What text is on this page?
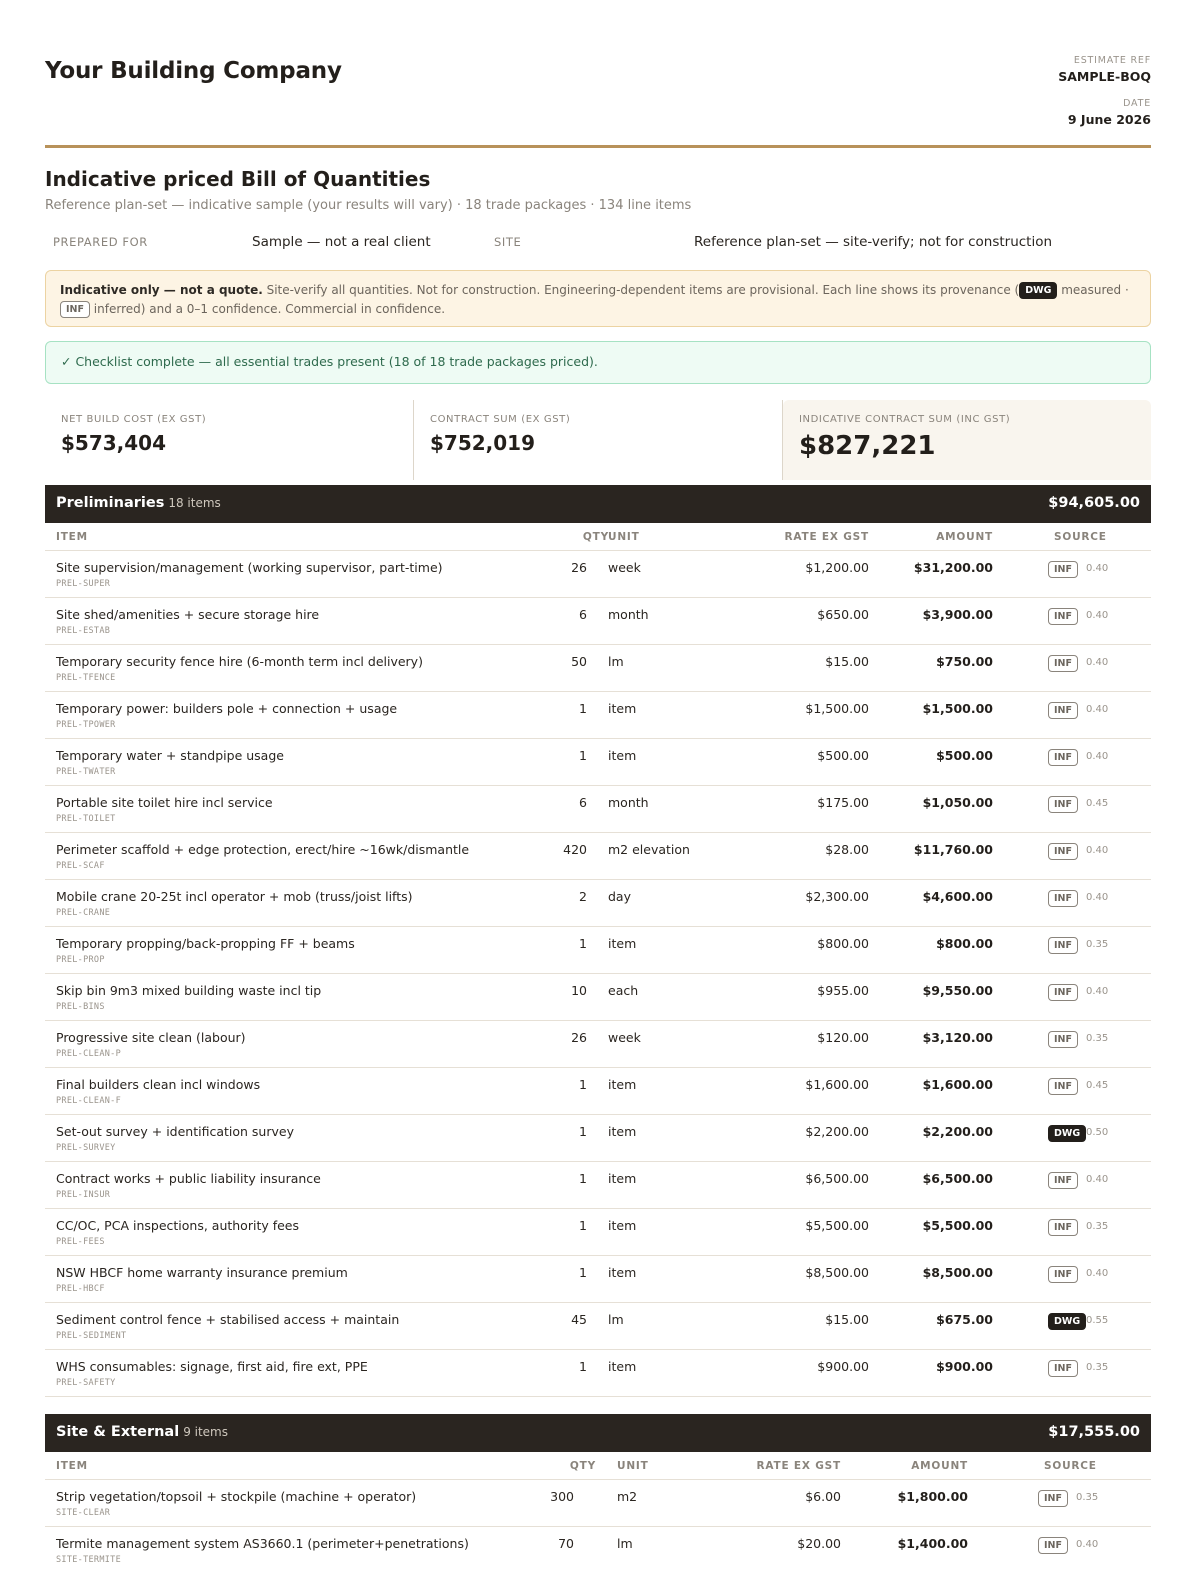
Your Building Company	ESTIMATE REF
SAMPLE-BOQ
DATE
9 June 2026
Indicative priced Bill of Quantities
Reference plan-set — indicative sample (your results will vary) · 18 trade packages · 134 line items
PREPARED FOR	Sample — not a real client	SITE	Reference plan-set — site-verify; not for construction
Indicative only — not a quote. Site-verify all quantities. Not for construction. Engineering-dependent items are provisional. Each line shows its provenance ( DWG measured · INF inferred) and a 0–1 confidence. Commercial in confidence.
✓ Checklist complete — all essential trades present (18 of 18 trade packages priced).
NET BUILD COST (EX GST)
$573,404
CONTRACT SUM (EX GST)
$752,019
INDICATIVE CONTRACT SUM (INC GST)
$827,221
Preliminaries 18 items	$94,605.00
ITEM	QTY UNIT	RATE EX GST	AMOUNT	SOURCE
Site supervision/management (working supervisor, part-time)
PREL-SUPER
26 week	$1,200.00	$31,200.00	INF	0.40
Site shed/amenities + secure storage hire
PREL-ESTAB
6 month	$650.00	$3,900.00	INF	0.40
Temporary security fence hire (6-month term incl delivery)
PREL-TFENCE
50 lm	$15.00	$750.00	INF	0.40
Temporary power: builders pole + connection + usage
PREL-TPOWER
1 item	$1,500.00	$1,500.00	INF	0.40
Temporary water + standpipe usage
PREL-TWATER
1 item	$500.00	$500.00	INF	0.40
Portable site toilet hire incl service
PREL-TOILET
6 month	$175.00	$1,050.00	INF	0.45
Perimeter scaffold + edge protection, erect/hire ~16wk/dismantle
PREL-SCAF
420 m2 elevation	$28.00	$11,760.00	INF	0.40
Mobile crane 20-25t incl operator + mob (truss/joist lifts)
PREL-CRANE
2 day	$2,300.00	$4,600.00	INF	0.40
Temporary propping/back-propping FF + beams
PREL-PROP
1 item	$800.00	$800.00	INF	0.35
Skip bin 9m3 mixed building waste incl tip
PREL-BINS
10 each	$955.00	$9,550.00	INF	0.40
Progressive site clean (labour)
PREL-CLEAN-P
26 week	$120.00	$3,120.00	INF	0.35
Final builders clean incl windows
PREL-CLEAN-F
1 item	$1,600.00	$1,600.00	INF	0.45
Set-out survey + identification survey
PREL-SURVEY
1 item	$2,200.00	$2,200.00	DWG 0.50
Contract works + public liability insurance
PREL-INSUR
1 item	$6,500.00	$6,500.00	INF	0.40
CC/OC, PCA inspections, authority fees
PREL-FEES
1 item	$5,500.00	$5,500.00	INF	0.35
NSW HBCF home warranty insurance premium
PREL-HBCF
1 item	$8,500.00	$8,500.00	INF	0.40
Sediment control fence + stabilised access + maintain
PREL-SEDIMENT
45 lm	$15.00	$675.00	DWG 0.55
WHS consumables: signage, first aid, fire ext, PPE
PREL-SAFETY
1 item	$900.00	$900.00	INF	0.35
Site & External 9 items	$17,555.00
ITEM	QTY UNIT	RATE EX GST	AMOUNT	SOURCE
Strip vegetation/topsoil + stockpile (machine + operator)
SITE-CLEAR
300	m2	$6.00	$1,800.00	INF	0.35
Termite management system AS3660.1 (perimeter+penetrations)
SITE-TERMITE
70	lm	$20.00	$1,400.00	INF	0.40
